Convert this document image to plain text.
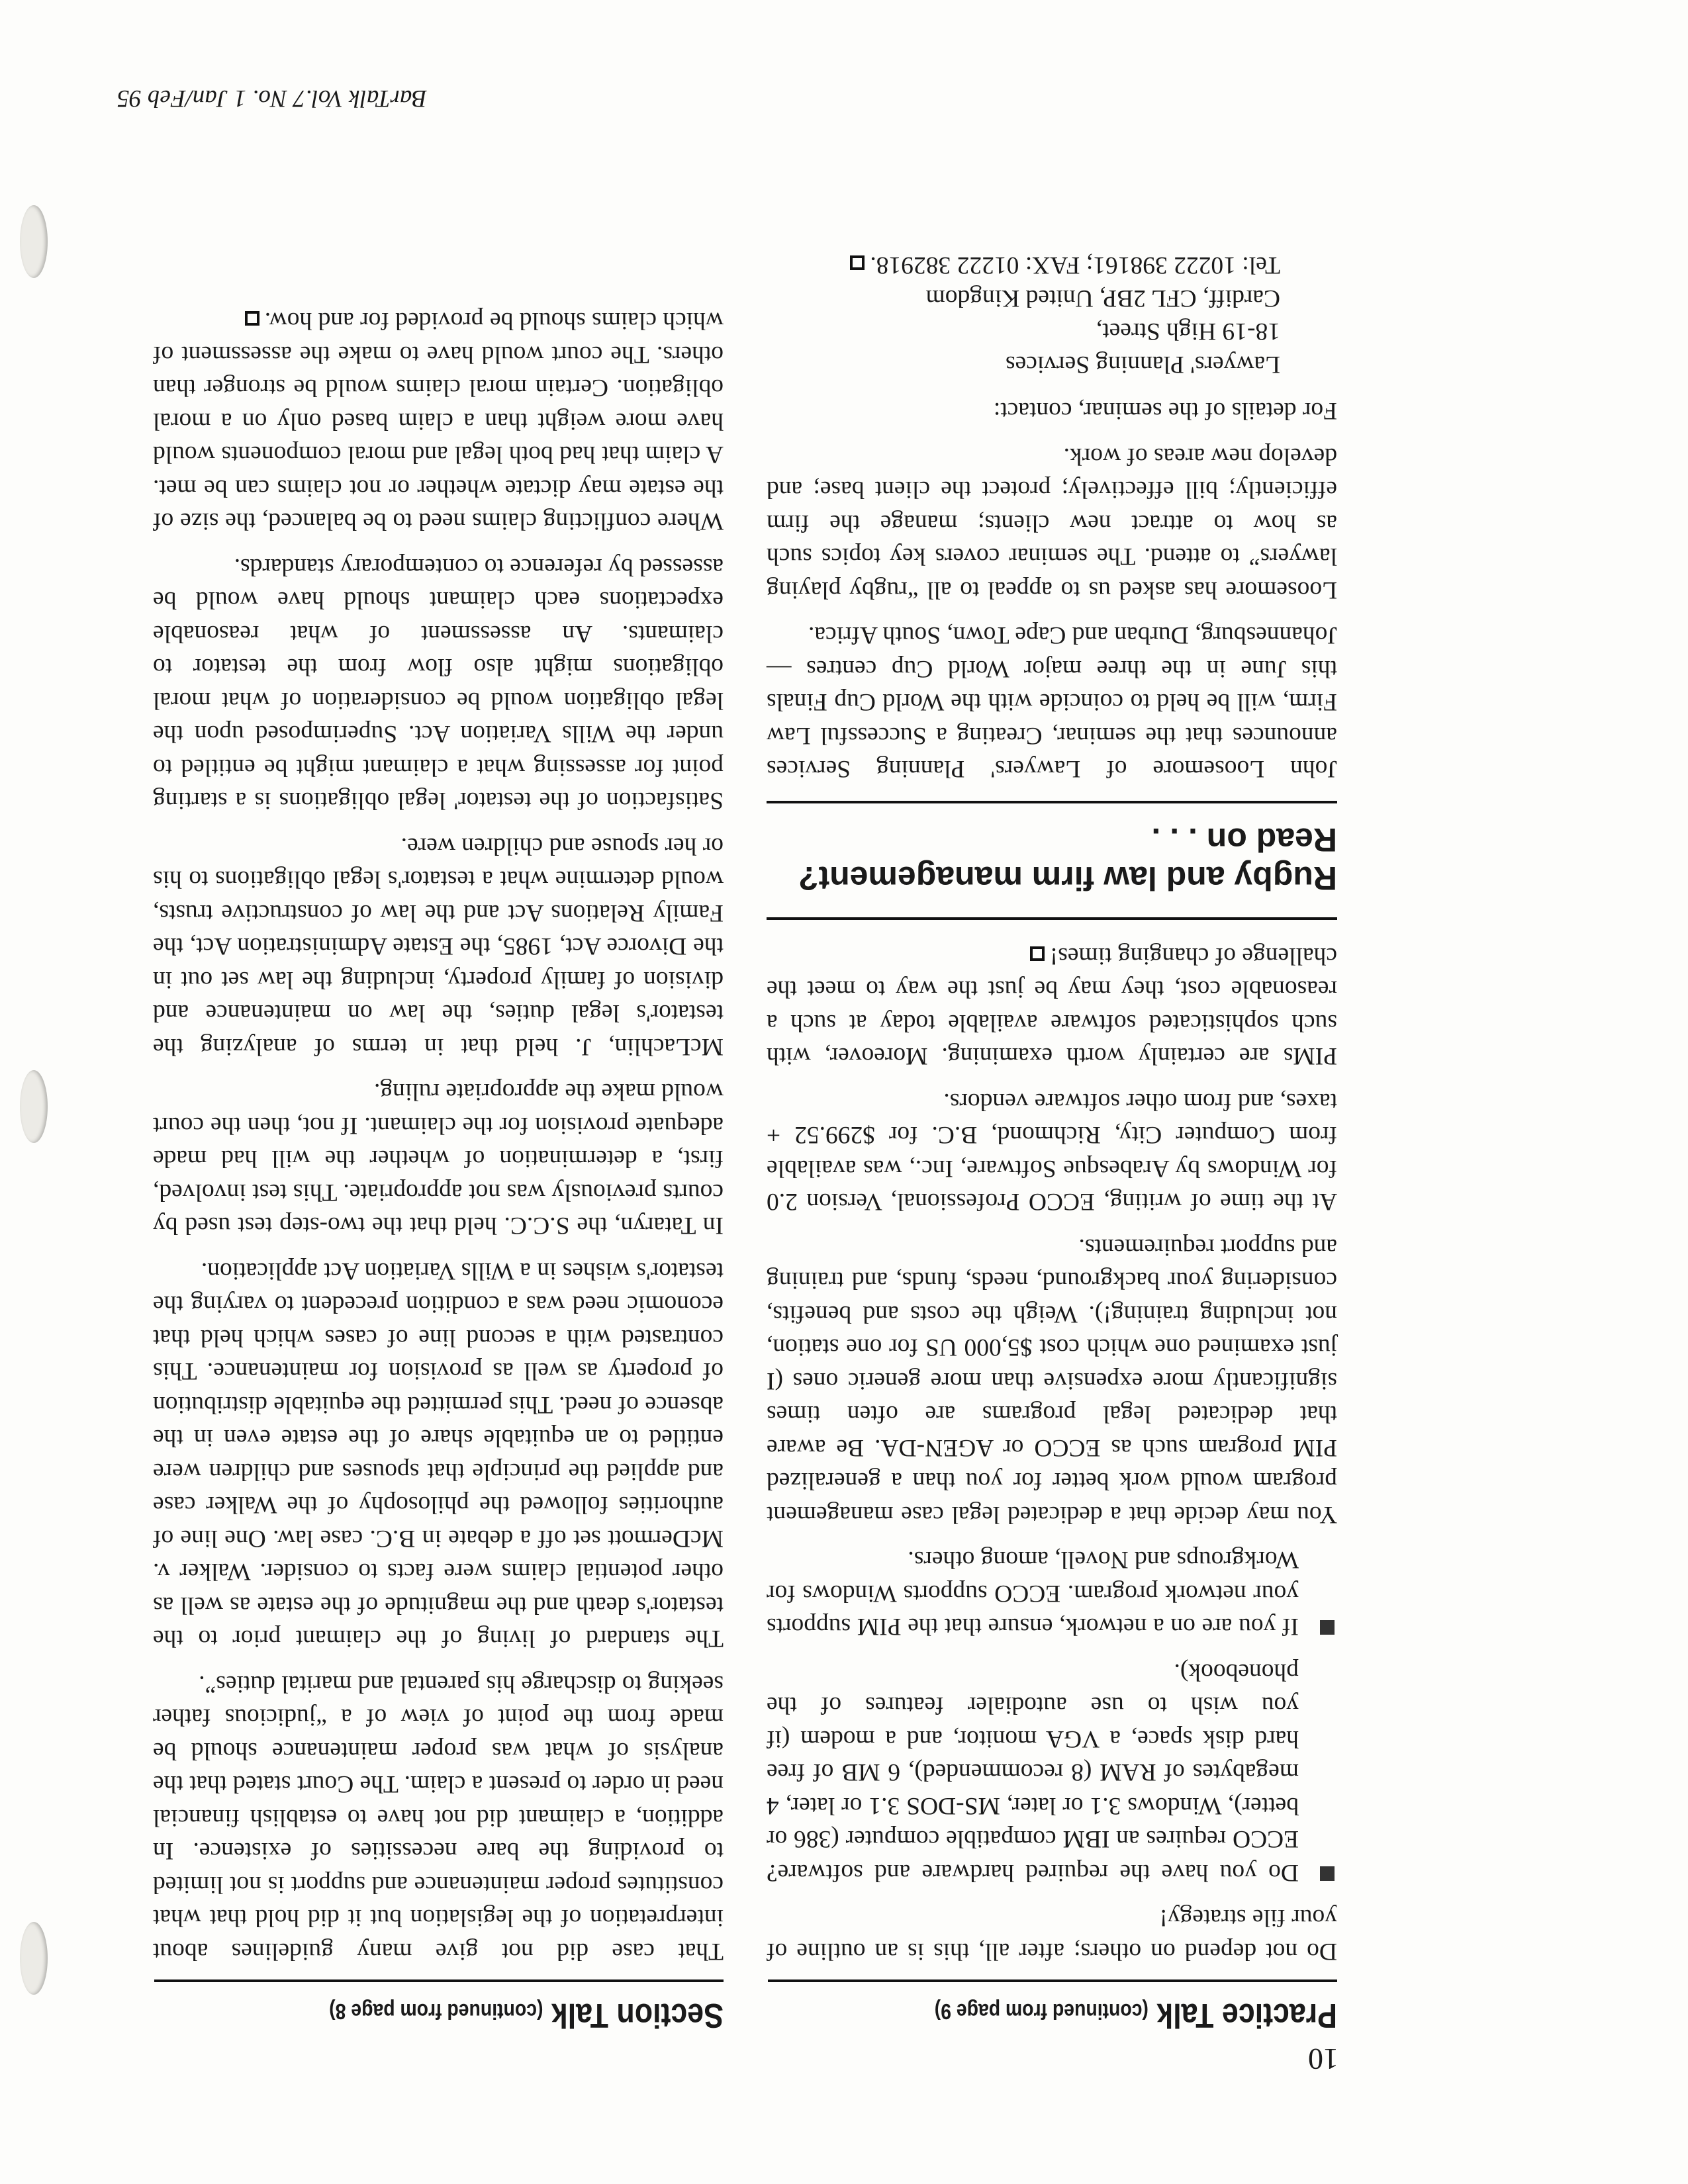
10
Practice Talk (continued from page 9)

Do not depend on others; after all, this is an outline of your file strategy!

Do you have the required hardware and software? ECCO requires an IBM compatible computer (386 or better), Windows 3.1 or later, MS-DOS 3.1 or later, 4 megabytes of RAM (8 recommended), 6 MB of free hard disk space, a VGA monitor, and a modem (if you wish to use autodialer features of the phonebook).
If you are on a network, ensure that the PIM supports your network program. ECCO supports Windows for Workgroups and Novell, among others.

You may decide that a dedicated legal case management program would work better for you than a generalized PIM program such as ECCO or AGEN-DA. Be aware that dedicated legal programs are often times significantly more expensive than more generic ones (I just examined one which cost $5,000 US for one station, not including training!). Weigh the costs and benefits, considering your background, needs, funds, and training and support requirements.

At the time of writing, ECCO Professional, Version 2.0 for Windows by Arabesque Software, Inc., was available from Computer City, Richmond, B.C. for $299.52 + taxes, and from other software vendors.

PIMs are certainly worth examining. Moreover, with such sophisticated software available today at such a reasonable cost, they may be just the way to meet the challenge of changing times!

Rugby and law firm management? Read on . . .

John Loosemore of Lawyers' Planning Services announces that the seminar, Creating a Successful Law Firm, will be held to coincide with the World Cup Finals this June in the three major World Cup centres —Johannesburg, Durban and Cape Town, South Africa.

Loosemore has asked us to appeal to all “rugby playing lawyers” to attend. The seminar covers key topics such as how to attract new clients; manage the firm efficiently; bill effectively; protect the client base; and develop new areas of work.

For details of the seminar, contact:

Lawyers' Planning Services
18-19 High Street,
Cardiff, CFL 2BP, United Kingdom
Tel: 10222 398161; FAX: 01222 382918.
Section Talk (continued from page 8)

That case did not give many guidelines about interpretation of the legislation but it did hold that what constitutes proper maintenance and support is not limited to providing the bare necessities of existence. In addition, a claimant did not have to establish financial need in order to present a claim. The Court stated that the analysis of what was proper maintenance should be made from the point of view of a “judicious father seeking to discharge his parental and marital duties”.

The standard of living of the claimant prior to the testator's death and the magnitude of the estate as well as other potential claims were facts to consider. Walker v. McDermott set off a debate in B.C. case law. One line of authorities followed the philosophy of the Walker case and applied the principle that spouses and children were entitled to an equitable share of the estate even in the absence of need. This permitted the equitable distribution of property as well as provision for maintenance. This contrasted with a second line of cases which held that economic need was a condition precedent to varying the testator's wishes in a Wills Variation Act application.

In Tataryn, the S.C.C. held that the two-step test used by courts previously was not appropriate. This test involved, first, a determination of whether the will had made adequate provision for the claimant. If not, then the court would make the appropriate ruling.

McLachlin, J. held that in terms of analyzing the testator's legal duties, the law on maintenance and division of family property, including the law set out in the Divorce Act, 1985, the Estate Administration Act, the Family Relations Act and the law of constructive trusts, would determine what a testator's legal obligations to his or her spouse and children were.

Satisfaction of the testator' legal obligations is a starting point for assessing what a claimant might be entitled to under the Wills Variation Act. Superimposed upon the legal obligation would be consideration of what moral obligations might also flow from the testator to claimants. An assessment of what reasonable expectations each claimant should have would be assessed by reference to contemporary standards.

Where conflicting claims need to be balanced, the size of the estate may dictate whether or not claims can be met. A claim that had both legal and moral components would have more weight than a claim based only on a moral obligation. Certain moral claims would be stronger than others. The court would have to make the assessment of which claims should be provided for and how.

BarTalk Vol.7 No. 1 Jan/Feb 95
